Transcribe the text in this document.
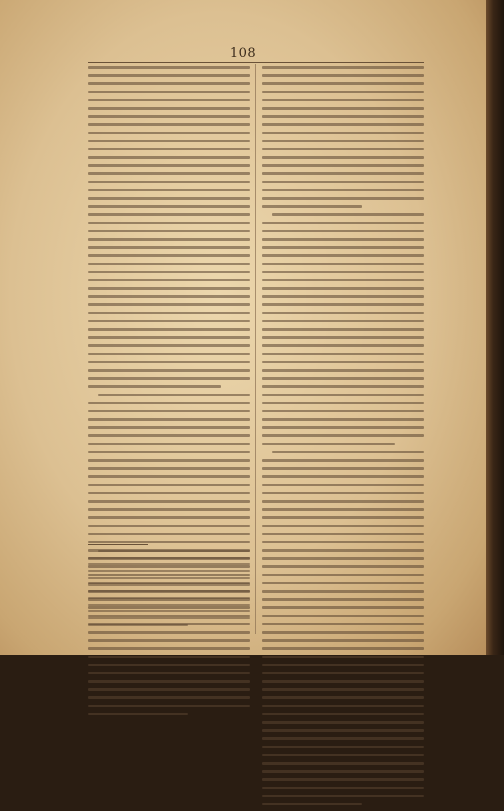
108
